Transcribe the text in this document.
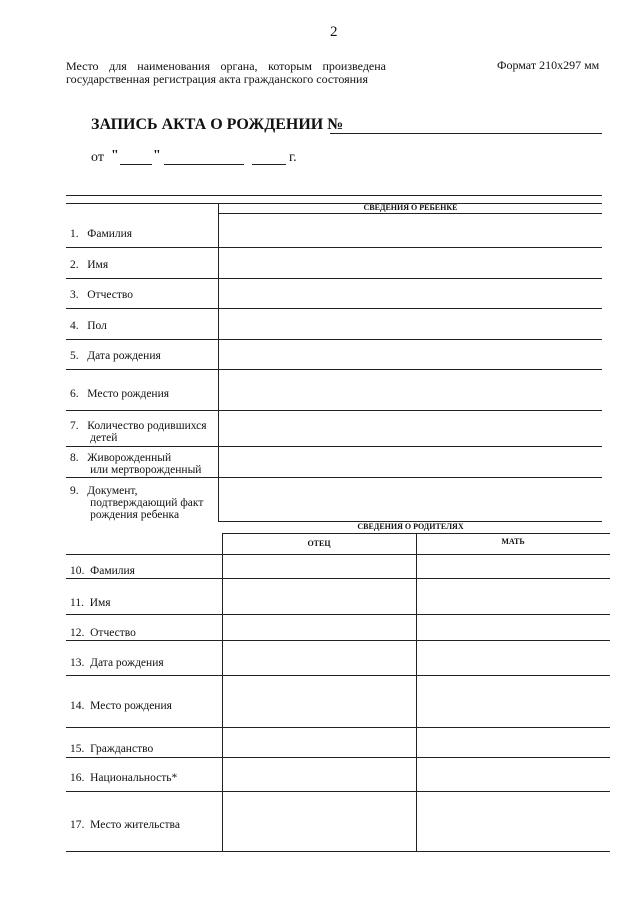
2
Место для наименования органа, которым произведена государственная регистрация акта гражданского состояния
Формат 210x297 мм
ЗАПИСЬ АКТА О РОЖДЕНИИ №
от " "	г.
СВЕДЕНИЯ О РЕБЕНКЕ
1.   Фамилия
2.   Имя
3.   Отчество
4.   Пол
5.   Дата рождения
6.   Место рождения
7.   Количество родившихся
детей
8.   Живорожденный
или мертворожденный
9.   Документ,
подтверждающий факт
рождения ребенка
СВЕДЕНИЯ О РОДИТЕЛЯХ
ОТЕЦ	МАТЬ
10.  Фамилия
11.  Имя
12.  Отчество
13.  Дата рождения
14.  Место рождения
15.  Гражданство
16.  Национальность*
17.  Место жительства
